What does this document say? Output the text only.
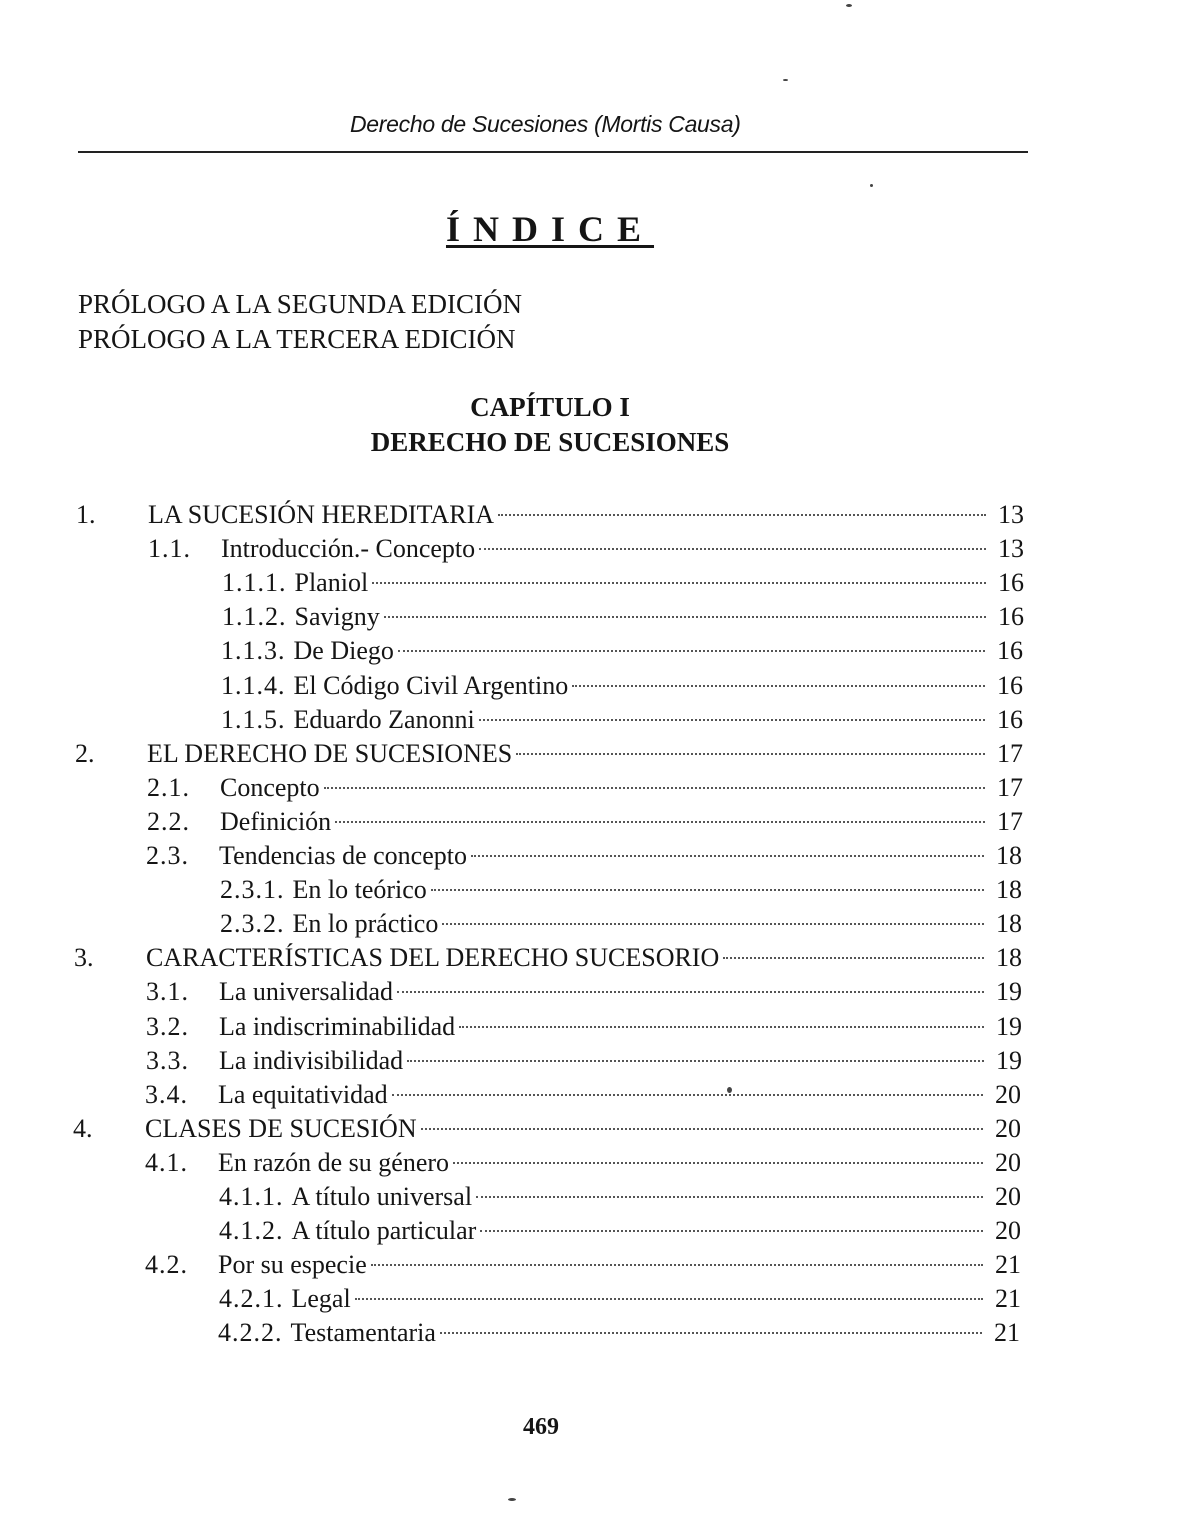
Derecho de Sucesiones (Mortis Causa)
ÍNDICE
PRÓLOGO A LA SEGUNDA EDICIÓN
PRÓLOGO A LA TERCERA EDICIÓN
CAPÍTULO I
DERECHO DE SUCESIONES
1. LA SUCESIÓN HEREDITARIA	13
1.1. Introducción.- Concepto	13
1.1.1. Planiol	16
1.1.2. Savigny	16
1.1.3. De Diego	16
1.1.4. El Código Civil Argentino	16
1.1.5. Eduardo Zanonni	16
2. EL DERECHO DE SUCESIONES	17
2.1. Concepto	17
2.2. Definición	17
2.3. Tendencias de concepto	18
2.3.1. En lo teórico	18
2.3.2. En lo práctico	18
3. CARACTERÍSTICAS DEL DERECHO SUCESORIO	18
3.1. La universalidad	19
3.2. La indiscriminabilidad	19
3.3. La indivisibilidad	19
3.4. La equitatividad	20
4. CLASES DE SUCESIÓN	20
4.1. En razón de su género	20
4.1.1. A título universal	20
4.1.2. A título particular	20
4.2. Por su especie	21
4.2.1. Legal	21
4.2.2. Testamentaria	21
469
